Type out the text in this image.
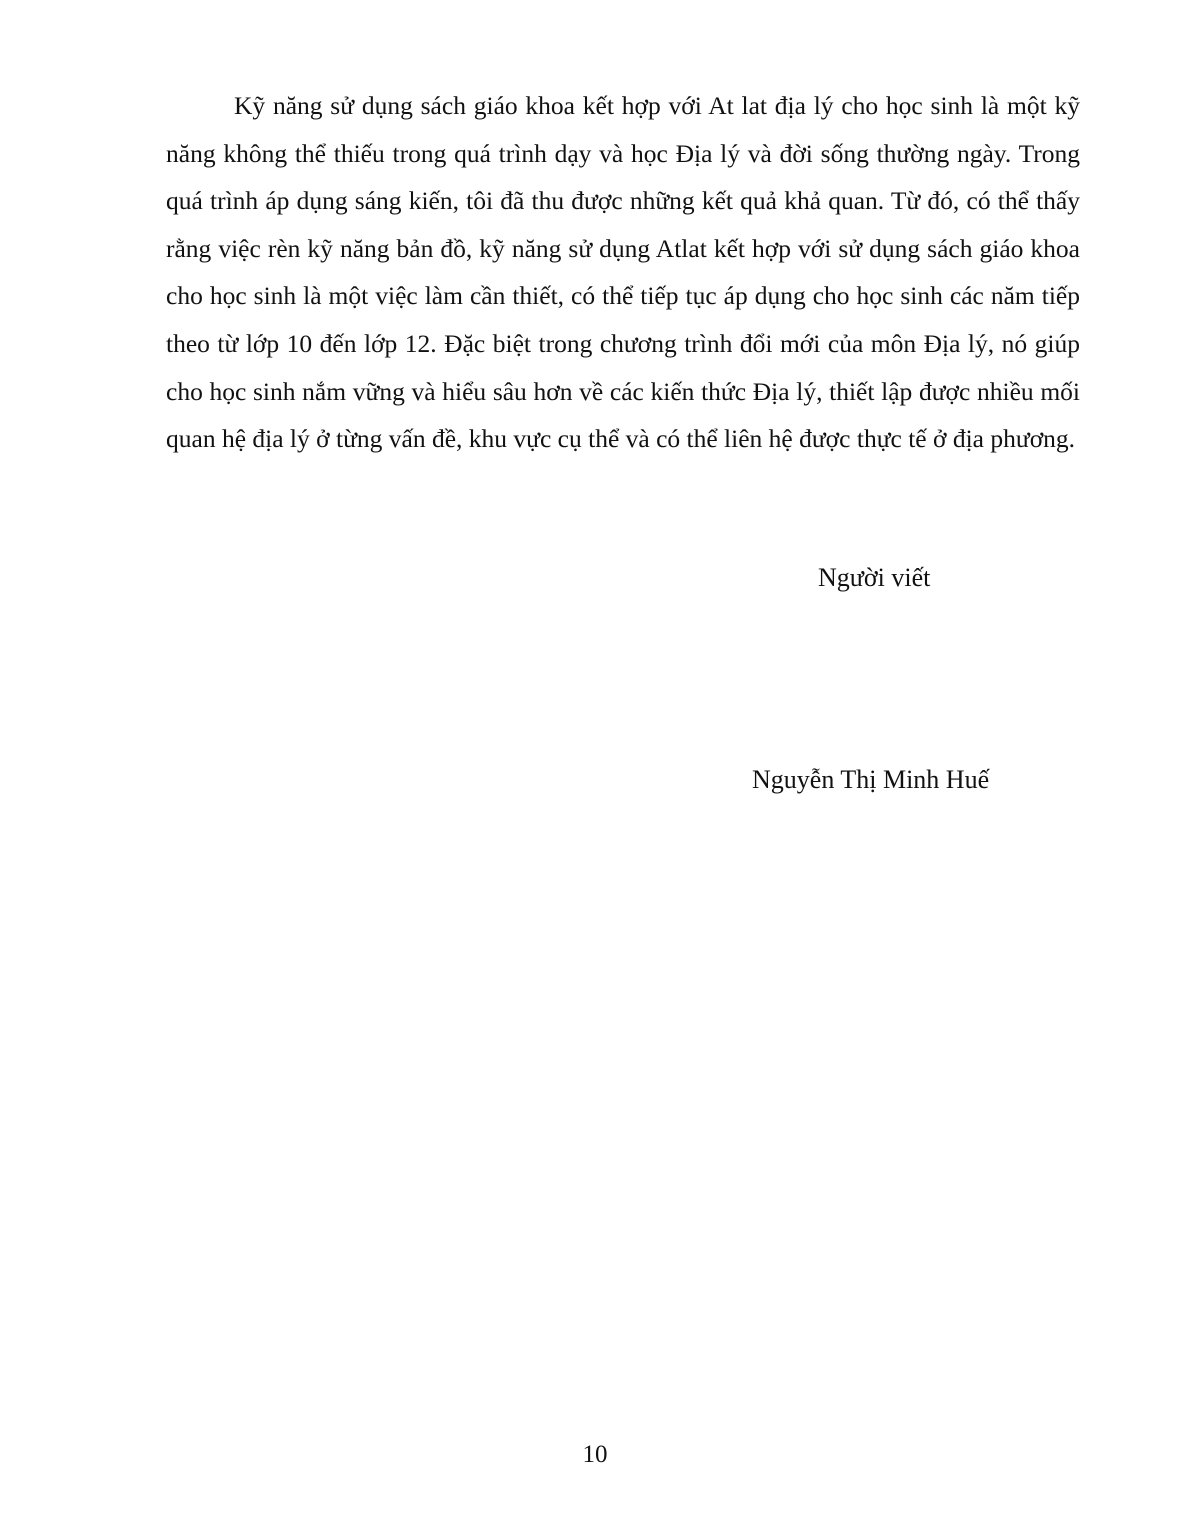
Kỹ năng sử dụng sách giáo khoa kết hợp với At lat địa lý cho học sinh là một kỹ năng không thể thiếu trong quá trình dạy và học Địa lý và đời sống thường ngày. Trong quá trình áp dụng sáng kiến, tôi đã thu được những kết quả khả quan. Từ đó, có thể thấy rằng việc rèn kỹ năng bản đồ, kỹ năng sử dụng Atlat kết hợp với sử dụng sách giáo khoa cho học sinh là một việc làm cần thiết, có thể tiếp tục áp dụng cho học sinh các năm tiếp theo từ lớp 10 đến lớp 12. Đặc biệt trong chương trình đổi mới của môn Địa lý, nó giúp cho học sinh nắm vững và hiểu sâu hơn về các kiến thức Địa lý, thiết lập được nhiều mối quan hệ địa lý ở từng vấn đề, khu vực cụ thể và có thể liên hệ được thực tế ở địa phương.

Người viết

Nguyễn Thị Minh Huế

10
